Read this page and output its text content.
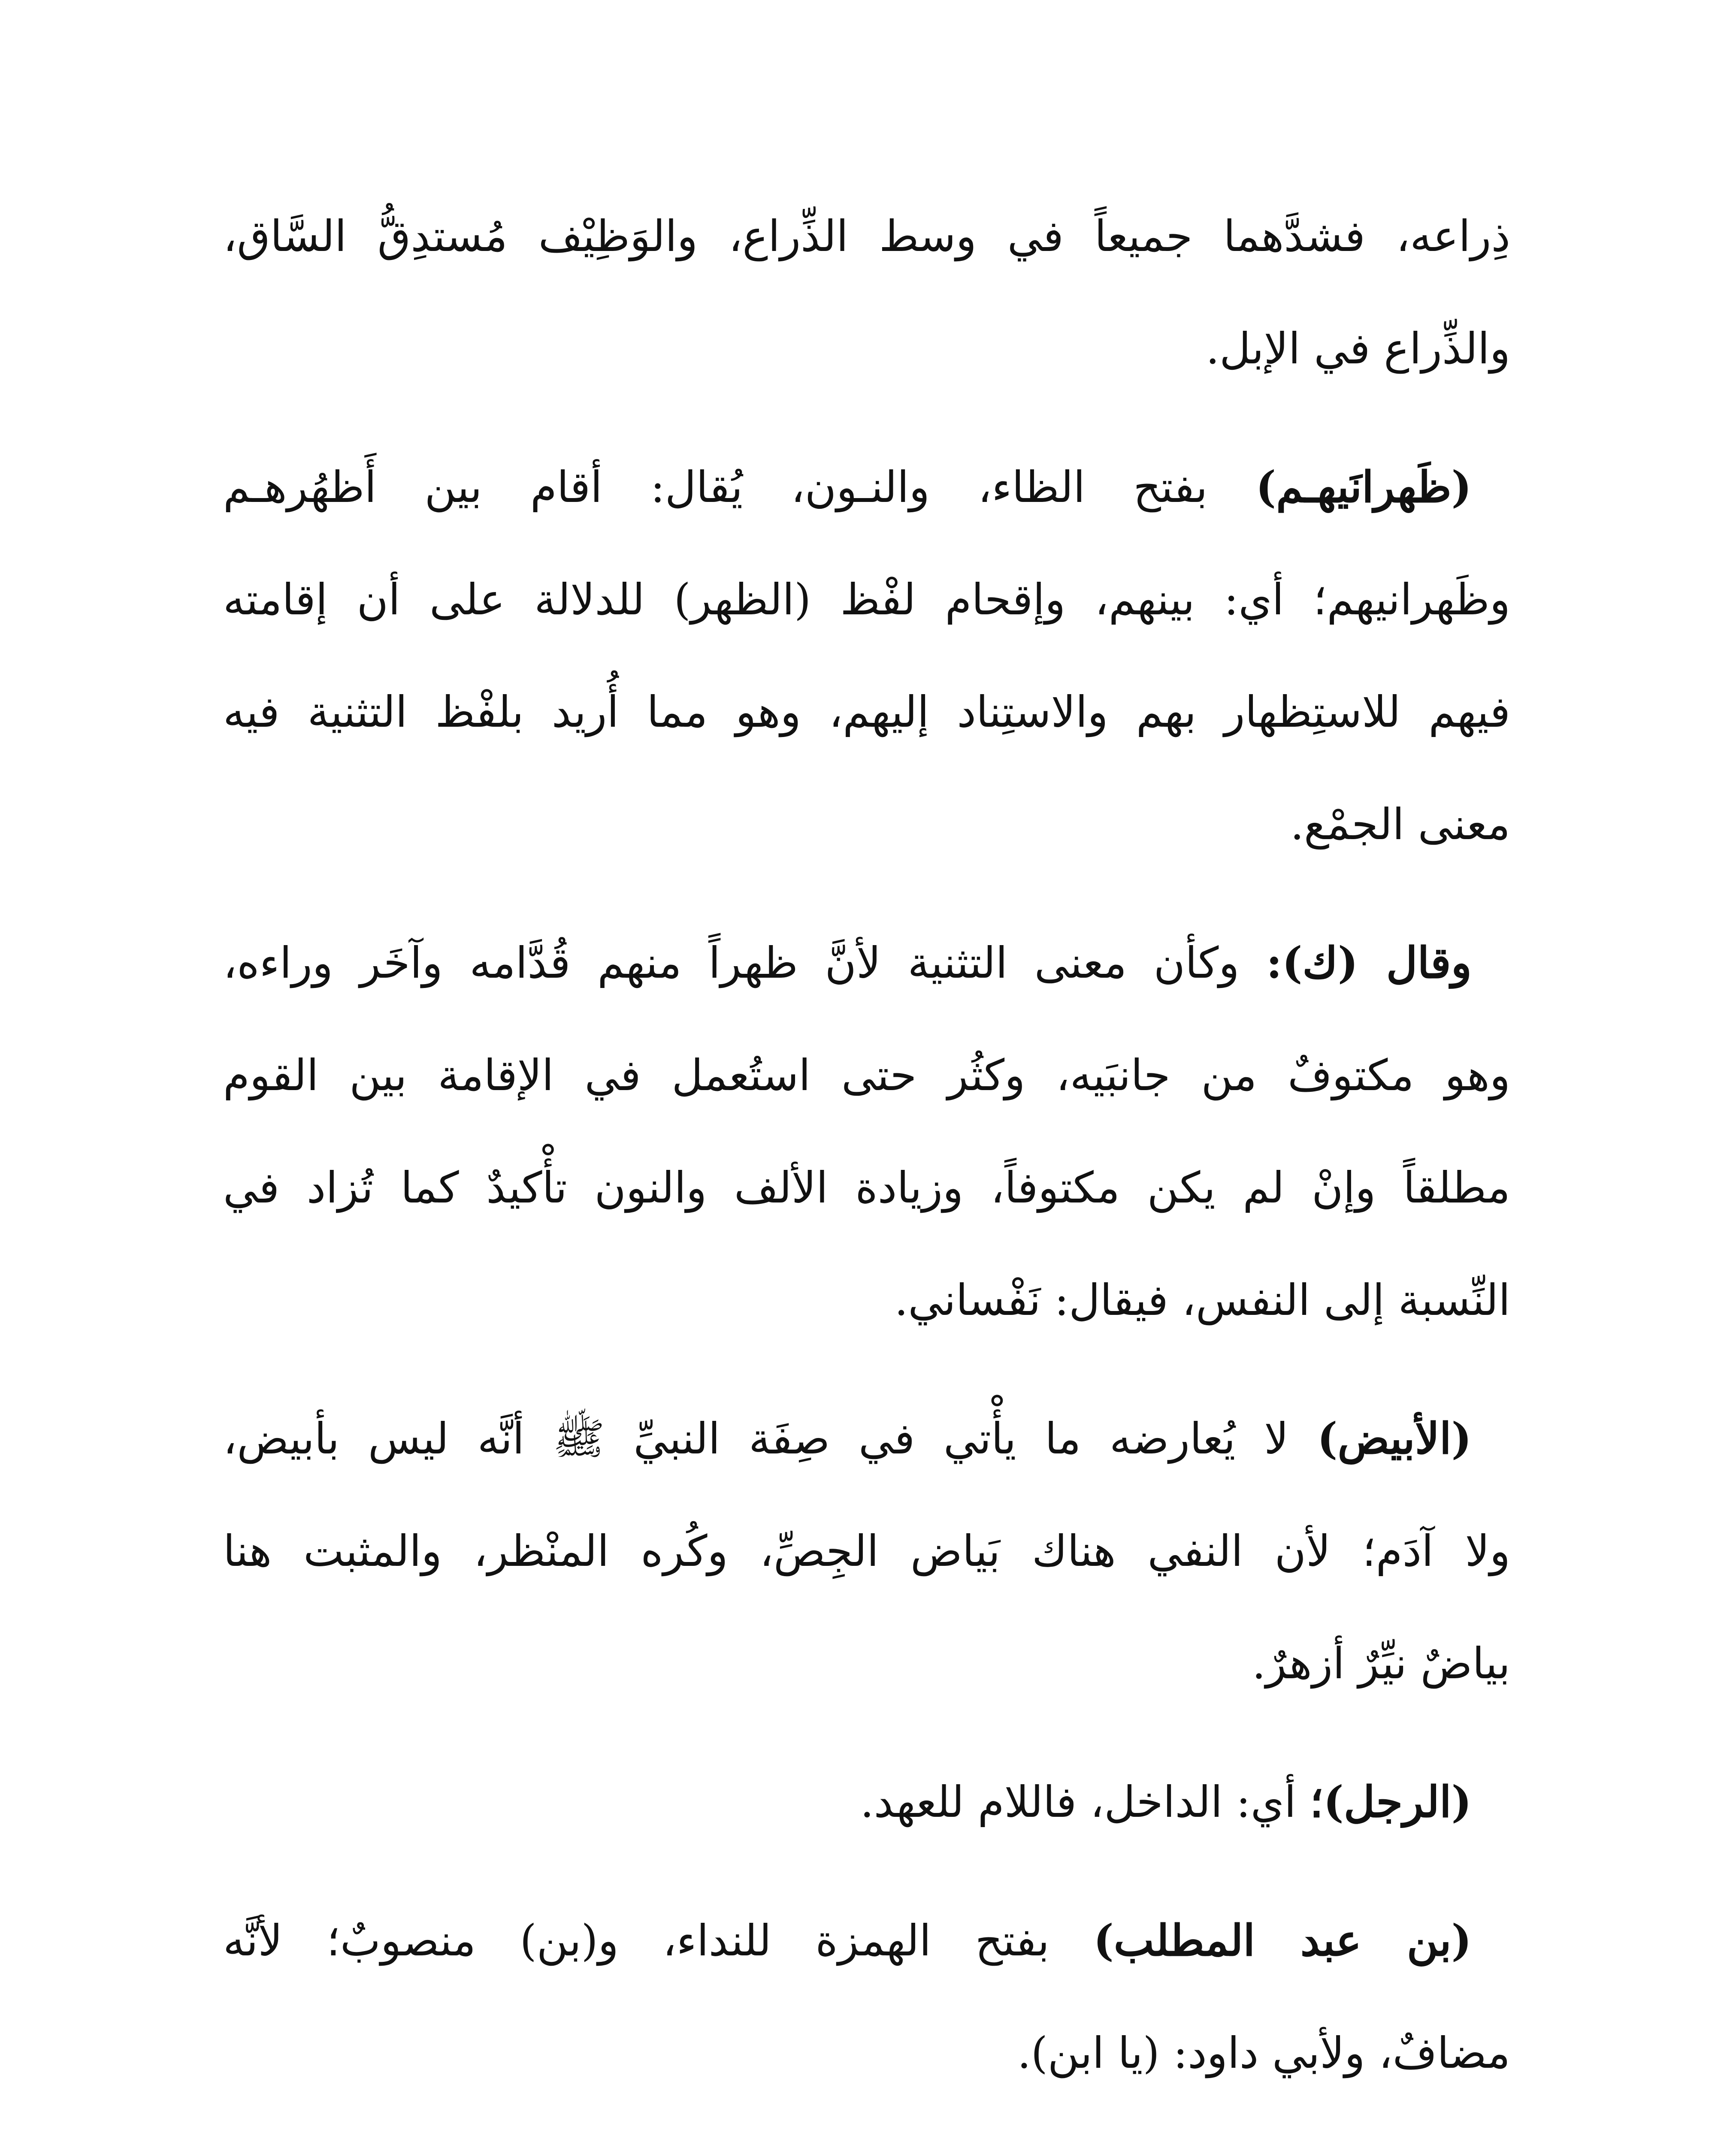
ذِراعه، فشدَّهما جميعاً في وسط الذِّراع، والوَظِيْف مُستدِقُّ السَّاق،
والذِّراع في الإبل.
(ظَهرانَيهـم) بفتح الظاء، والنـون، يُقال: أقام بين أَظهُرهـم
وظَهرانيهم؛ أي: بينهم، وإقحام لفْظ (الظهر) للدلالة على أن إقامته
فيهم للاستِظهار بهم والاستِناد إليهم، وهو مما أُريد بلفْظ التثنية فيه
معنى الجمْع.
وقال (ك): وكأن معنى التثنية لأنَّ ظهراً منهم قُدَّامه وآخَر وراءه،
وهو مكتوفٌ من جانبَيه، وكثُر حتى استُعمل في الإقامة بين القوم
مطلقاً وإنْ لم يكن مكتوفاً، وزيادة الألف والنون تأْكيدٌ كما تُزاد في
النِّسبة إلى النفس، فيقال: نَفْساني.
(الأبيض) لا يُعارضه ما يأْتي في صِفَة النبيِّ ﷺ أنَّه ليس بأبيض،
ولا آدَم؛ لأن النفي هناك بَياض الجِصِّ، وكُره المنْظر، والمثبت هنا
بياضٌ نيِّرٌ أزهرٌ.
(الرجل)؛ أي: الداخل، فاللام للعهد.
(بن عبد المطلب) بفتح الهمزة للنداء، و(بن) منصوبٌ؛ لأنَّه
مضافٌ، ولأبي داود: (يا ابن).
